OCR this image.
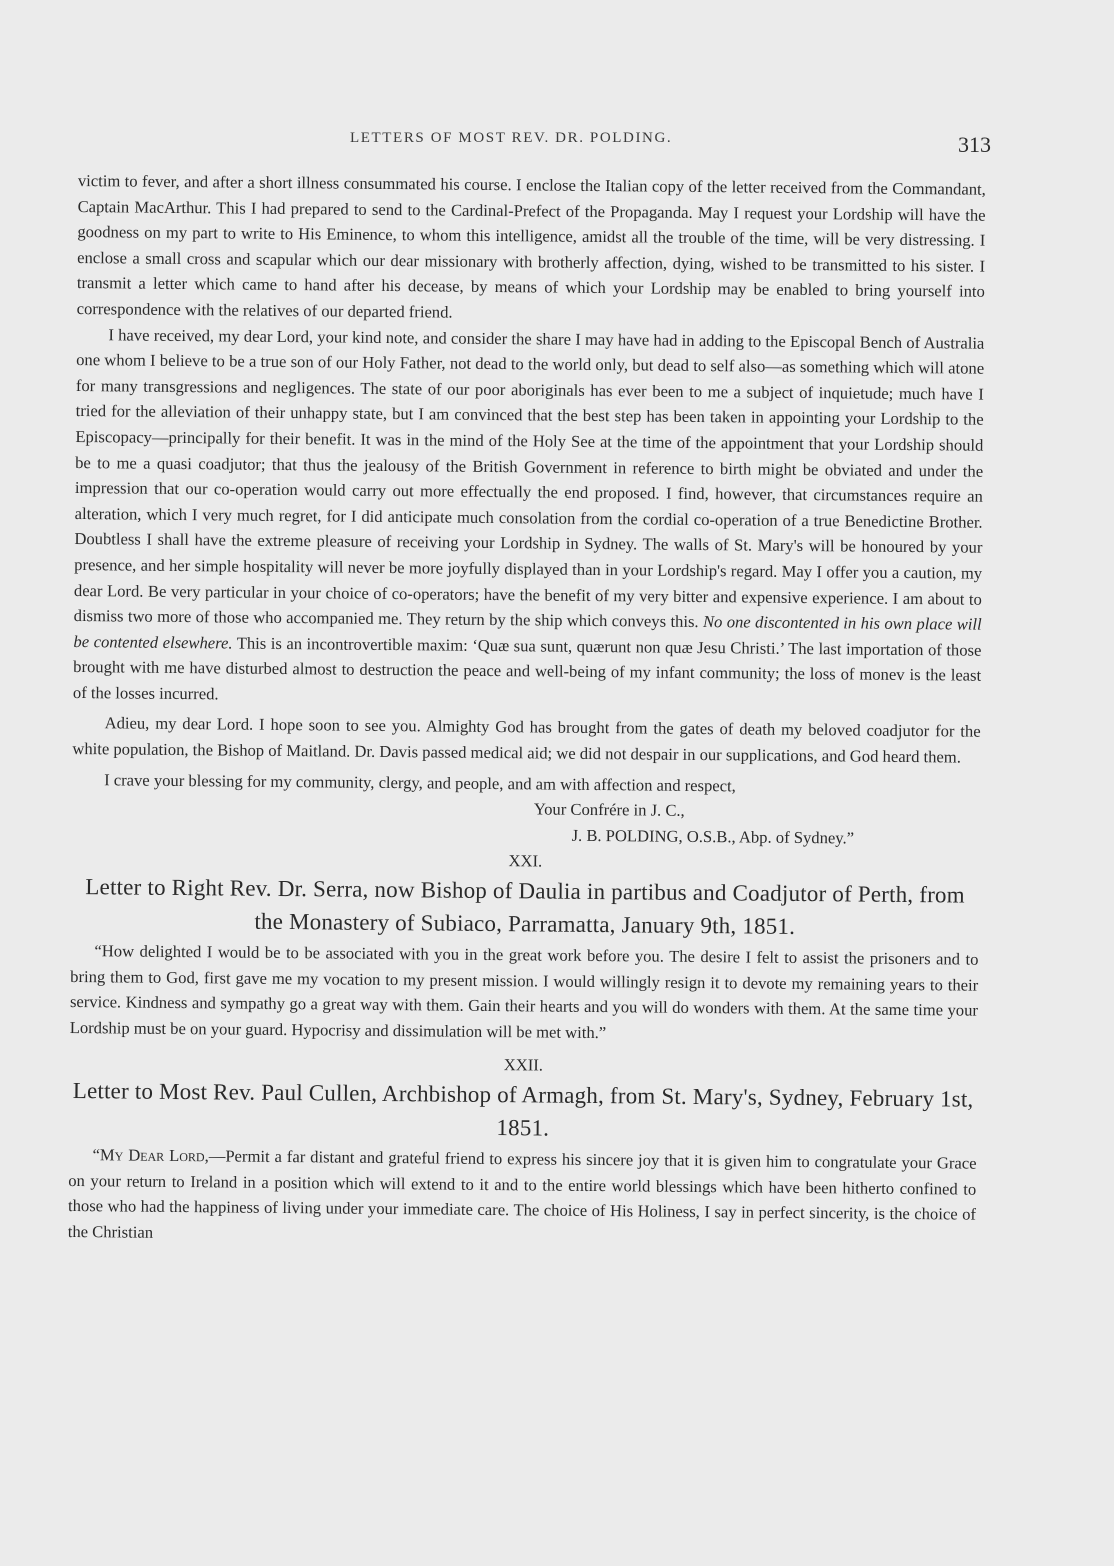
LETTERS OF MOST REV. DR. POLDING.	313

victim to fever, and after a short illness consummated his course. I enclose the Italian copy of the letter received from the Commandant, Captain MacArthur. This I had prepared to send to the Cardinal-Prefect of the Propaganda. May I request your Lordship will have the goodness on my part to write to His Eminence, to whom this intelligence, amidst all the trouble of the time, will be very distressing. I enclose a small cross and scapular which our dear missionary with brotherly affection, dying, wished to be transmitted to his sister. I transmit a letter which came to hand after his decease, by means of which your Lordship may be enabled to bring yourself into correspondence with the relatives of our departed friend.

I have received, my dear Lord, your kind note, and consider the share I may have had in adding to the Episcopal Bench of Australia one whom I believe to be a true son of our Holy Father, not dead to the world only, but dead to self also—as something which will atone for many transgressions and negligences. The state of our poor aboriginals has ever been to me a subject of inquietude; much have I tried for the alleviation of their unhappy state, but I am convinced that the best step has been taken in appointing your Lordship to the Episcopacy—principally for their benefit. It was in the mind of the Holy See at the time of the appointment that your Lordship should be to me a quasi coadjutor; that thus the jealousy of the British Government in reference to birth might be obviated and under the impression that our co-operation would carry out more effectually the end proposed. I find, however, that circumstances require an alteration, which I very much regret, for I did anticipate much consolation from the cordial co-operation of a true Benedictine Brother. Doubtless I shall have the extreme pleasure of receiving your Lordship in Sydney. The walls of St. Mary's will be honoured by your presence, and her simple hospitality will never be more joyfully displayed than in your Lordship's regard. May I offer you a caution, my dear Lord. Be very particular in your choice of co-operators; have the benefit of my very bitter and expensive experience. I am about to dismiss two more of those who accompanied me. They return by the ship which conveys this. No one discontented in his own place will be contented elsewhere. This is an incontrovertible maxim: ‘Quæ sua sunt, quærunt non quæ Jesu Christi.’ The last importation of those brought with me have disturbed almost to destruction the peace and well-being of my infant community; the loss of monev is the least of the losses incurred.

Adieu, my dear Lord. I hope soon to see you. Almighty God has brought from the gates of death my beloved coadjutor for the white population, the Bishop of Maitland. Dr. Davis passed medical aid; we did not despair in our supplications, and God heard them.

I crave your blessing for my community, clergy, and people, and am with affection and respect,

Your Confrére in J. C.,

J. B. POLDING, O.S.B., Abp. of Sydney.”

XXI.

Letter to Right Rev. Dr. Serra, now Bishop of Daulia in partibus and Coadjutor of Perth, from the Monastery of Subiaco, Parramatta, January 9th, 1851.

“How delighted I would be to be associated with you in the great work before you. The desire I felt to assist the prisoners and to bring them to God, first gave me my vocation to my present mission. I would willingly resign it to devote my remaining years to their service. Kindness and sympathy go a great way with them. Gain their hearts and you will do wonders with them. At the same time your Lordship must be on your guard. Hypocrisy and dissimulation will be met with.”

XXII.

Letter to Most Rev. Paul Cullen, Archbishop of Armagh, from St. Mary's, Sydney, February 1st, 1851.

“My Dear Lord,—Permit a far distant and grateful friend to express his sincere joy that it is given him to congratulate your Grace on your return to Ireland in a position which will extend to it and to the entire world blessings which have been hitherto confined to those who had the happiness of living under your immediate care. The choice of His Holiness, I say in perfect sincerity, is the choice of the Christian
